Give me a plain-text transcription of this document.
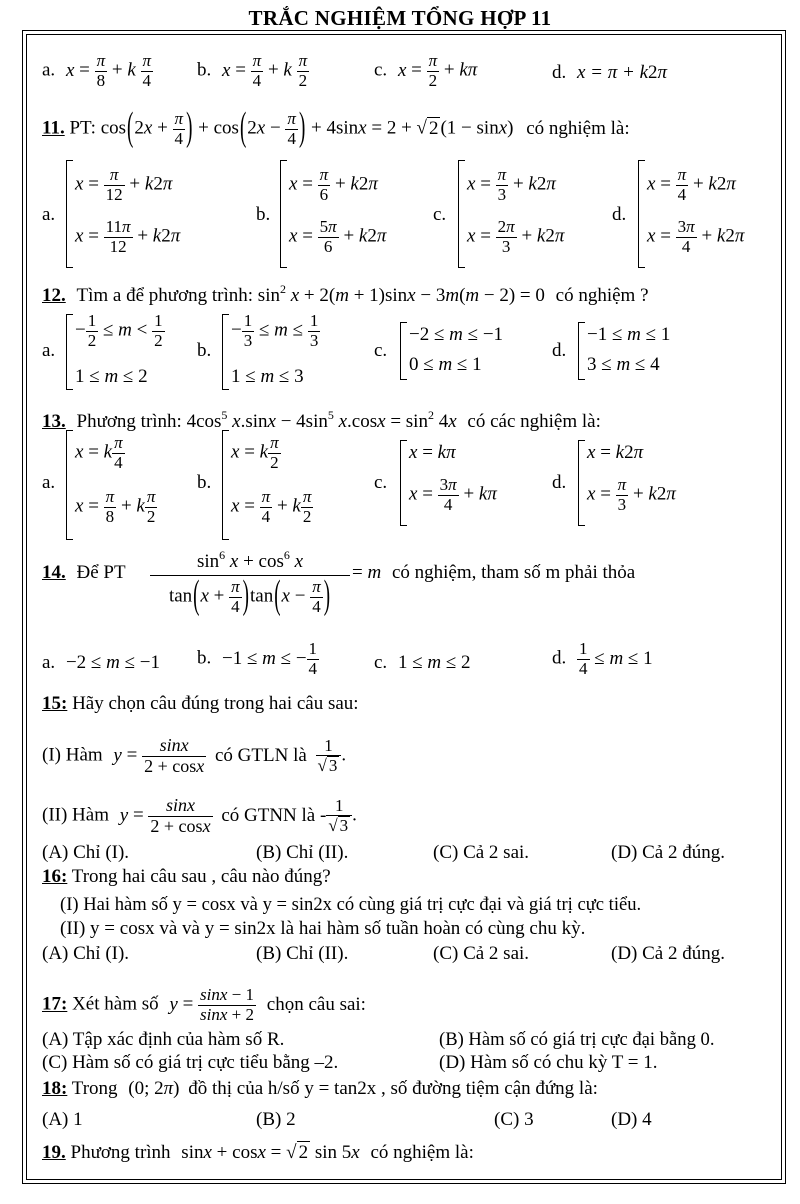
TRẮC NGHIỆM TỔNG HỢP 11
a. $x = \frac{\pi}{8} + k \frac{\pi}{4} b$. $x = \frac{\pi}{4} + k \frac{\pi}{2}$	c. $x = \frac{\pi}{2} + k\pi$	d. x = π + k2π
11. PT: $\cos(2x + \frac{\pi}{4}$ ) + $\cos(2x - \frac{\pi}{4}$ ) + 4sinx = 2 + √ 2 (1 − sinx) có nghiệm là:
a.
$x = \frac{\pi}{12} + k2\pi$
$x = \frac{11\pi}{12} + k2\pi$
b.
$x = \frac{\pi}{6} + k2\pi$
$x = \frac{5\pi}{6} + k2\pi$
c.
$x = \frac{\pi}{3} + k2\pi$
$x = \frac{2\pi}{3} + k2\pi$
d.
$x = \frac{\pi}{4} + k2\pi$
$x = \frac{3\pi}{4} + k2\pi$
12. Tìm a để phương trình: $\sin^2 x + 2(m + 1)\sin x - 3m(m - 2) = 0$ có nghiệm ?
a.
− $\frac{1}{2} \le m < \frac{1}{2}$
1 ≤ m ≤ 2
b.
− $\frac{1}{3} \le m \le \frac{1}{3}$
1 ≤ m ≤ 3
c.
−2 ≤ m ≤ −1
0 ≤ m ≤ 1
d.
−1 ≤ m ≤ 1
3 ≤ m ≤ 4
13. Phương trình: $4\cos^5$ $x.\sin x - 4\sin^5$ $x.\cos x = \sin^2 4x$ có các nghiệm là:
a.
x = k $\frac{\pi}{4}$
$x = \frac{\pi}{8} + k \frac{\pi}{2}$
b.
x = k $\frac{\pi}{2}$
$x = \frac{\pi}{4} + k \frac{\pi}{2}$
c.
x = kπ
$x = \frac{3\pi}{4} + k\pi$
d.
x = k2π
$x = \frac{\pi}{3} + k2\pi$
14. Để PT
$\sin^6 x + \cos^6 x$
$\tan(x + \frac{\pi}{4} )\tan(x - \frac{\pi}{4}$ )
= m có nghiệm, tham số m phải thỏa
a. −2 ≤ m ≤ −1 b. −1 ≤ m ≤ − $\frac{1}{4}$	c. 1 ≤ m ≤ 2	d. $\frac{1}{4} \le m \le 1$
15: Hãy chọn câu đúng trong hai câu sau:
(I) Hàm $y = \frac{\sin x}{2 + \cos x}$ có GTLN là $\frac{1}{√ 3}$ .
(II) Hàm $y = \frac{\sin x}{2 + \cos x}$ có GTNN là - $\frac{1}{√ 3}$ .
(A) Chỉ (I).	(B) Chỉ (II).	(C) Cả 2 sai.	(D) Cả 2 đúng.
16: Trong hai câu sau , câu nào đúng?
(I) Hai hàm số y = cosx và y = sin2x có cùng giá trị cực đại và giá trị cực tiểu.
(II) y = cosx và và y = sin2x là hai hàm số tuần hoàn có cùng chu kỳ.
(A) Chỉ (I).	(B) Chỉ (II).	(C) Cả 2 sai.	(D) Cả 2 đúng.
17: Xét hàm số $y = \frac{\sin x - 1}{\sin x + 2}$ chọn câu sai:
(A) Tập xác định của hàm số R.	(B) Hàm số có giá trị cực đại bằng 0.
(C) Hàm số có giá trị cực tiểu bằng –2.	(D) Hàm số có chu kỳ T = 1.
18: Trong (0; 2π) đồ thị của h/số y = tan2x , số đường tiệm cận đứng là:
(A) 1	(B) 2	(C) 3	(D) 4
19. Phương trình sinx + cosx = √ 2 sin 5x có nghiệm là:
